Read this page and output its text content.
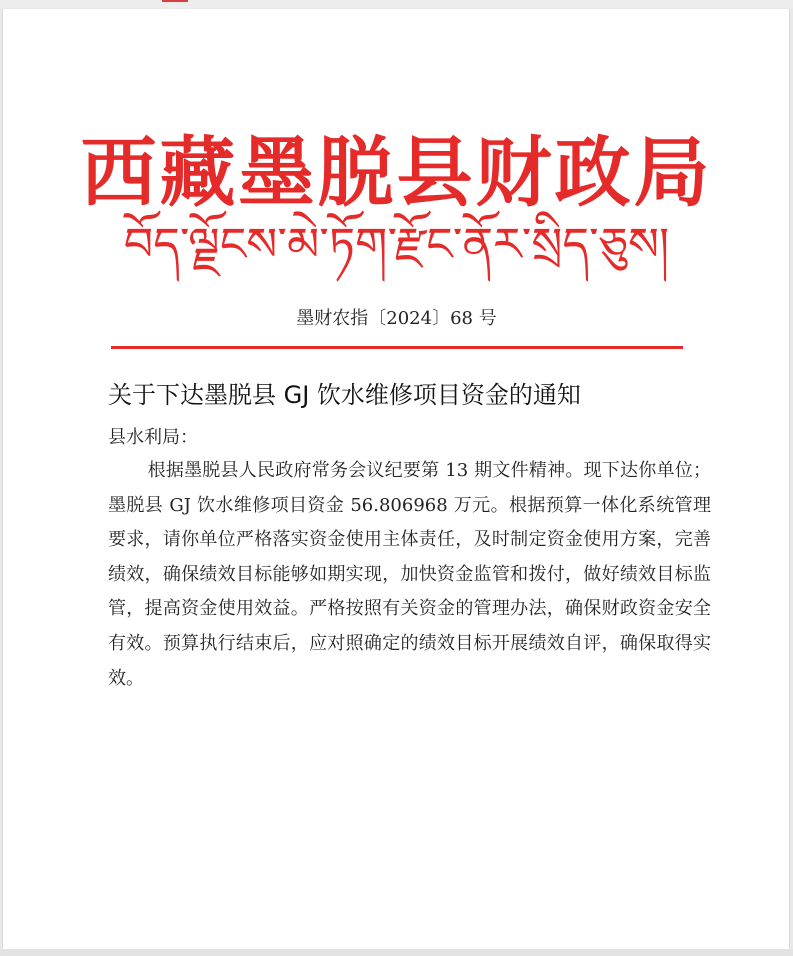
西藏墨脱县财政局
བོད་ལྗོངས་མེ་ཏོག་རྫོང་ནོར་སྲིད་ཅུས།
墨财农指〔2024〕68 号
关于下达墨脱县 GJ 饮水维修项目资金的通知
县水利局：

根据墨脱县人民政府常务会议纪要第 13 期文件精神。现下达你单位；墨脱县 GJ 饮水维修项目资金 56.806968 万元。根据预算一体化系统管理要求，请你单位严格落实资金使用主体责任，及时制定资金使用方案，完善绩效，确保绩效目标能够如期实现，加快资金监管和拨付，做好绩效目标监管，提高资金使用效益。严格按照有关资金的管理办法，确保财政资金安全有效。预算执行结束后，应对照确定的绩效目标开展绩效自评，确保取得实效。
